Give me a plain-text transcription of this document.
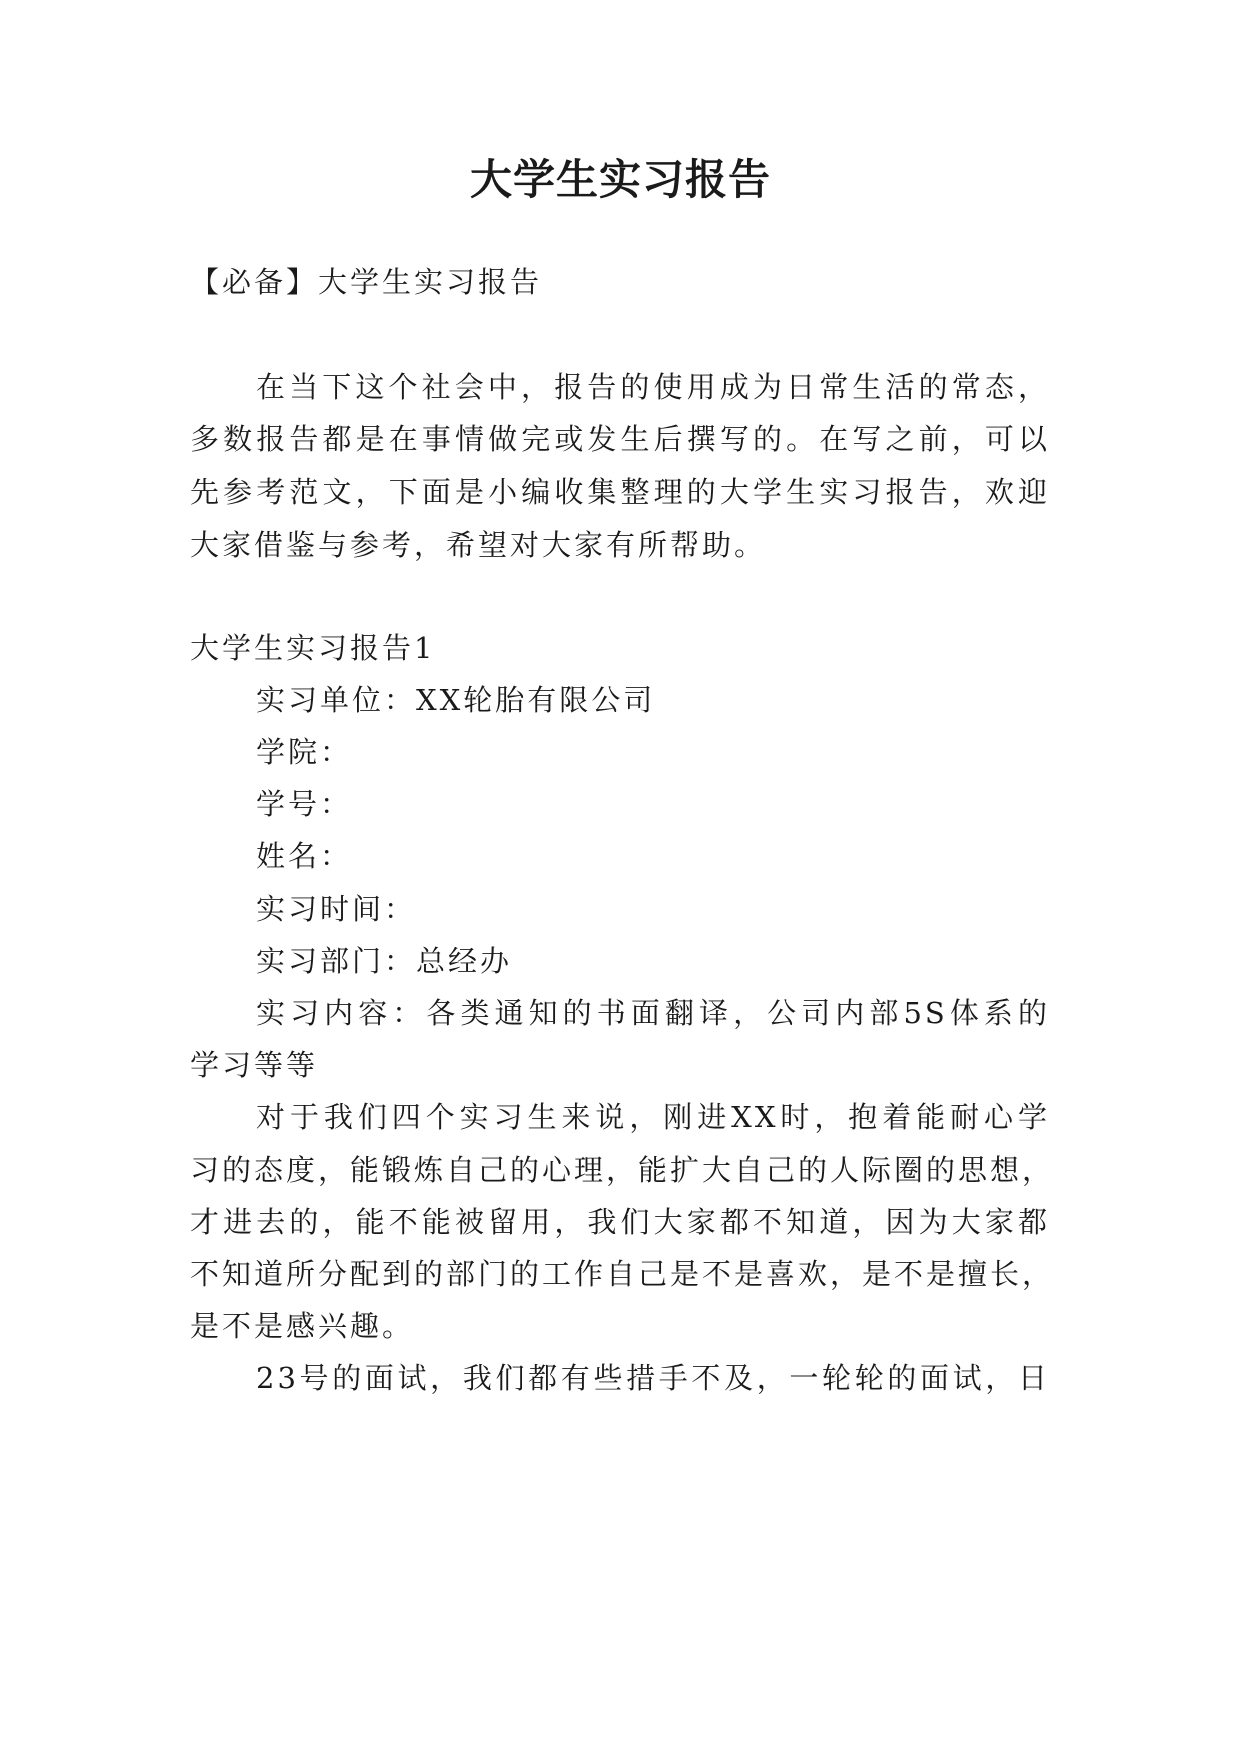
大学生实习报告
【必备】大学生实习报告
在当下这个社会中，报告的使用成为日常生活的常态，
多数报告都是在事情做完或发生后撰写的。在写之前，可以
先参考范文，下面是小编收集整理的大学生实习报告，欢迎
大家借鉴与参考，希望对大家有所帮助。
大学生实习报告1
实习单位：XX轮胎有限公司
学院：
学号：
姓名：
实习时间：
实习部门：总经办
实习内容：各类通知的书面翻译，公司内部5S体系的
学习等等
对于我们四个实习生来说，刚进XX时，抱着能耐心学
习的态度，能锻炼自己的心理，能扩大自己的人际圈的思想，
才进去的，能不能被留用，我们大家都不知道，因为大家都
不知道所分配到的部门的工作自己是不是喜欢，是不是擅长，
是不是感兴趣。
23号的面试，我们都有些措手不及，一轮轮的面试，日
